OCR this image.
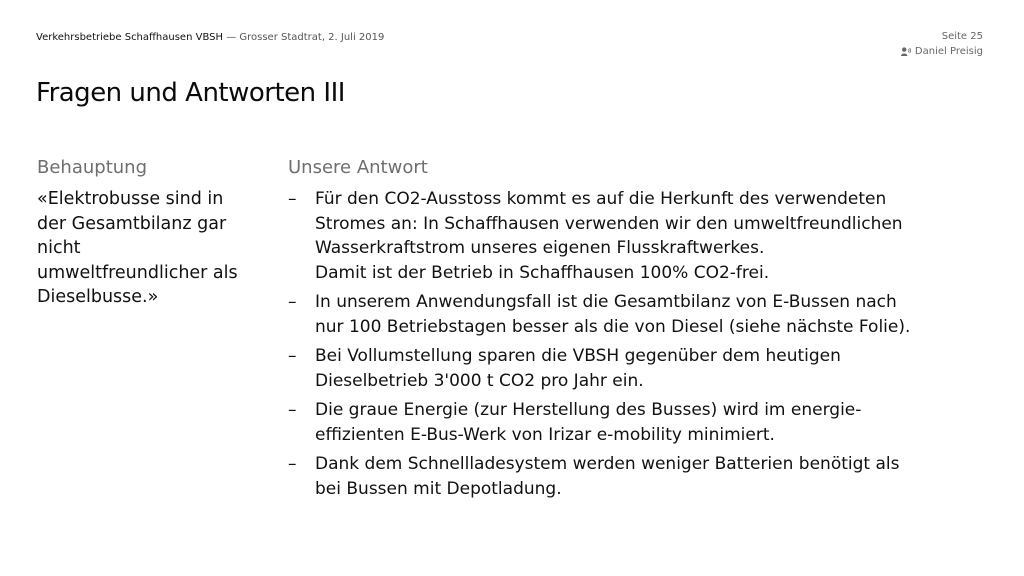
Verkehrsbetriebe Schaffhausen VBSH — Grosser Stadtrat, 2. Juli 2019	Seite 25
Daniel Preisig
Fragen und Antworten III
Behauptung

«Elektrobusse sind in
der Gesamtbilanz gar
nicht
umweltfreundlicher als
Dieselbusse.»

Unsere Antwort
–	Für den CO2-Ausstoss kommt es auf die Herkunft des verwendeten
Stromes an: In Schaffhausen verwenden wir den umweltfreundlichen
Wasserkraftstrom unseres eigenen Flusskraftwerkes.
Damit ist der Betrieb in Schaffhausen 100% CO2-frei.
–	In unserem Anwendungsfall ist die Gesamtbilanz von E-Bussen nach
nur 100 Betriebstagen besser als die von Diesel (siehe nächste Folie).
–	Bei Vollumstellung sparen die VBSH gegenüber dem heutigen
Dieselbetrieb 3'000 t CO2 pro Jahr ein.
–	Die graue Energie (zur Herstellung des Busses) wird im energie-
effizienten E-Bus-Werk von Irizar e-mobility minimiert.
–	Dank dem Schnellladesystem werden weniger Batterien benötigt als
bei Bussen mit Depotladung.
